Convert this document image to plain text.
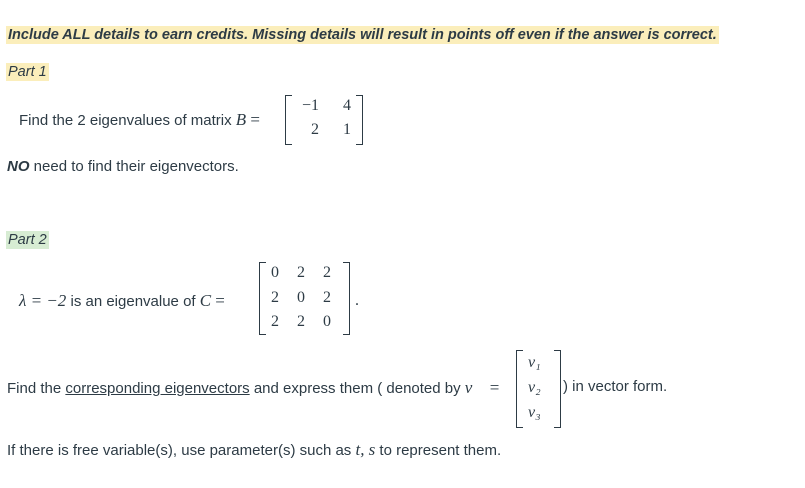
Include ALL details to earn credits. Missing details will result in points off even if the answer is correct.
Part 1
Find the 2 eigenvalues of matrix B =
−1 4
2 1
NO need to find their eigenvectors.
Part 2
λ = −2 is an eigenvalue of C =
0 2 2
2 0 2
2 2 0
.
Find the corresponding eigenvectors and express them ( denoted by v⃗ =
v₁
v₂
v₃
) in vector form.
If there is free variable(s), use parameter(s) such as t, s to represent them.
